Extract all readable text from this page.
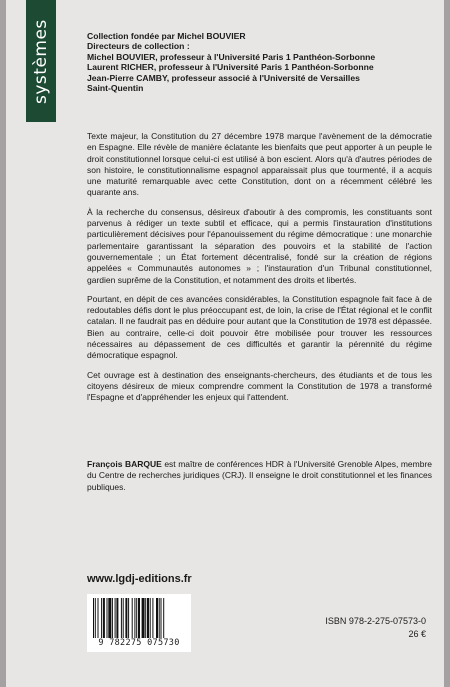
systèmes	Collection fondée par Michel BOUVIER
Directeurs de collection :
Michel BOUVIER, professeur à l'Université Paris 1 Panthéon-Sorbonne
Laurent RICHER, professeur à l'Université Paris 1 Panthéon-Sorbonne
Jean-Pierre CAMBY, professeur associé à l'Université de Versailles
Saint-Quentin

Texte majeur, la Constitution du 27 décembre 1978 marque l'avènement de la démocratie en Espagne. Elle révèle de manière éclatante les bienfaits que peut apporter à un peuple le droit constitutionnel lorsque celui-ci est utilisé à bon escient. Alors qu'à d'autres périodes de son histoire, le constitutionnalisme espagnol apparaissait plus que tourmenté, il a acquis une maturité remarquable avec cette Constitution, dont on a récemment célébré les quarante ans.

À la recherche du consensus, désireux d'aboutir à des compromis, les constituants sont parvenus à rédiger un texte subtil et efficace, qui a permis l'instauration d'institutions particulièrement décisives pour l'épanouissement du régime démocratique : une monarchie parlementaire garantissant la séparation des pouvoirs et la stabilité de l'action gouvernementale ; un État fortement décentralisé, fondé sur la création de régions appelées « Communautés autonomes » ; l'instauration d'un Tribunal constitutionnel, gardien suprême de la Constitution, et notamment des droits et libertés.

Pourtant, en dépit de ces avancées considérables, la Constitution espagnole fait face à de redoutables défis dont le plus préoccupant est, de loin, la crise de l'État régional et le conflit catalan. Il ne faudrait pas en déduire pour autant que la Constitution de 1978 est dépassée. Bien au contraire, celle-ci doit pouvoir être mobilisée pour trouver les ressources nécessaires au dépassement de ces difficultés et garantir la pérennité du régime démocratique espagnol.

Cet ouvrage est à destination des enseignants-chercheurs, des étudiants et de tous les citoyens désireux de mieux comprendre comment la Constitution de 1978 a transformé l'Espagne et d'appréhender les enjeux qui l'attendent.

François BARQUE est maître de conférences HDR à l'Université Grenoble Alpes, membre du Centre de recherches juridiques (CRJ). Il enseigne le droit constitutionnel et les finances publiques.
www.lgdj-editions.fr
9 782275 075730
ISBN 978-2-275-07573-0
26 €
